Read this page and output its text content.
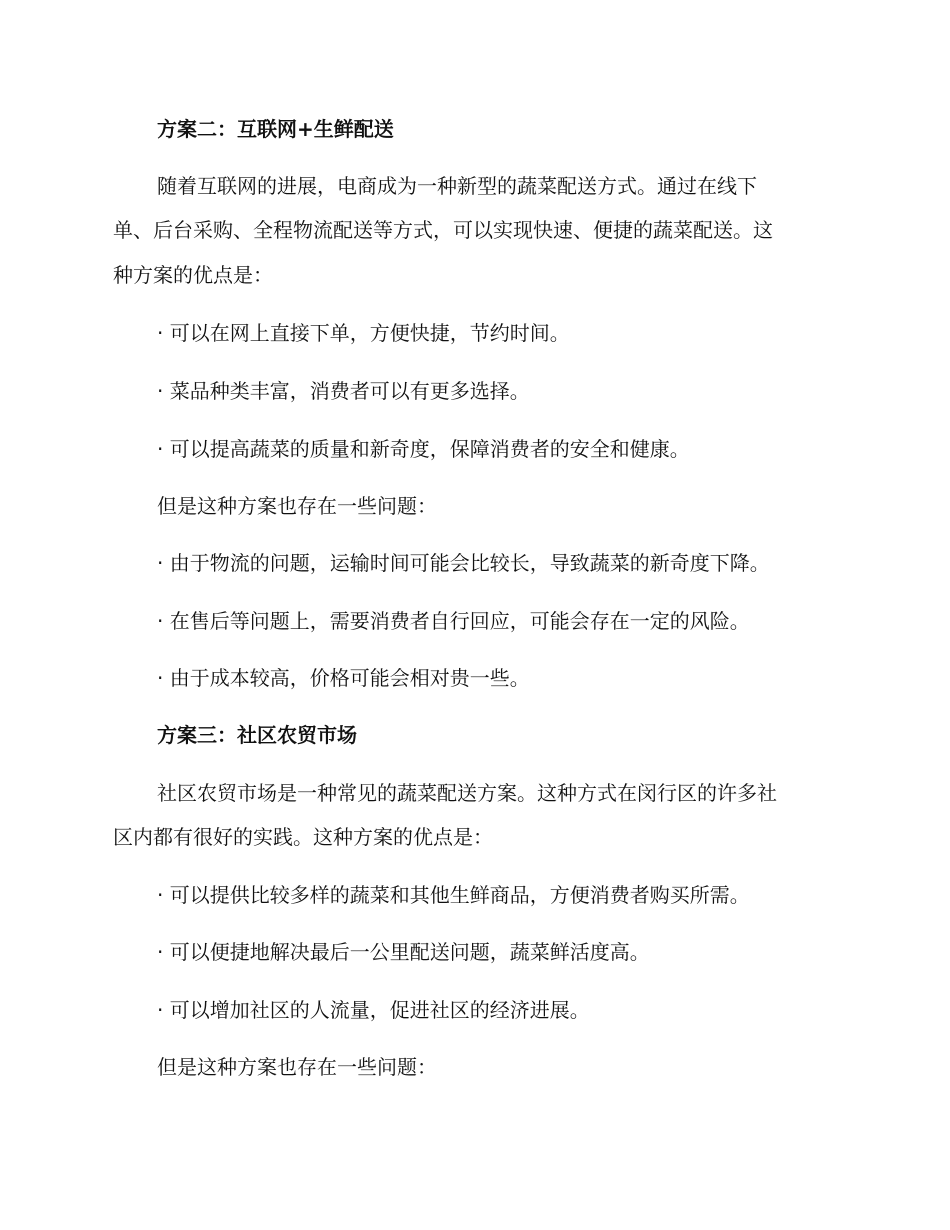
方案二：互联网+生鲜配送
随着互联网的进展，电商成为一种新型的蔬菜配送方式。通过在线下
单、后台采购、全程物流配送等方式，可以实现快速、便捷的蔬菜配送。这
种方案的优点是：
· 可以在网上直接下单，方便快捷，节约时间。
· 菜品种类丰富，消费者可以有更多选择。
· 可以提高蔬菜的质量和新奇度，保障消费者的安全和健康。
但是这种方案也存在一些问题：
· 由于物流的问题，运输时间可能会比较长，导致蔬菜的新奇度下降。
· 在售后等问题上，需要消费者自行回应，可能会存在一定的风险。
· 由于成本较高，价格可能会相对贵一些。
方案三：社区农贸市场
社区农贸市场是一种常见的蔬菜配送方案。这种方式在闵行区的许多社
区内都有很好的实践。这种方案的优点是：
· 可以提供比较多样的蔬菜和其他生鲜商品，方便消费者购买所需。
· 可以便捷地解决最后一公里配送问题，蔬菜鲜活度高。
· 可以增加社区的人流量，促进社区的经济进展。
但是这种方案也存在一些问题：
